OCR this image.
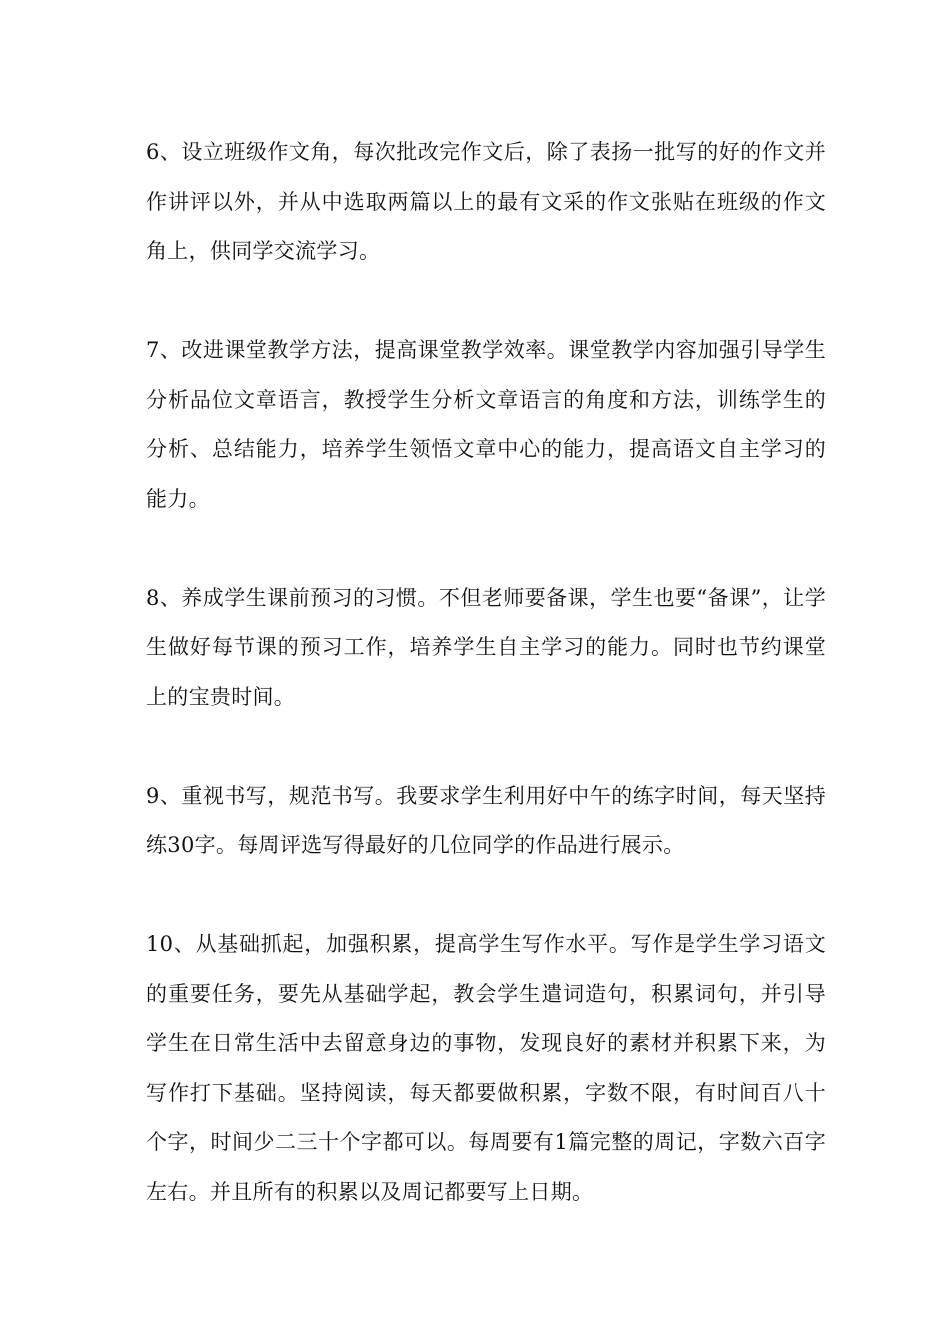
6、设立班级作文角，每次批改完作文后，除了表扬一批写的好的作文并作讲评以外，并从中选取两篇以上的最有文采的作文张贴在班级的作文角上，供同学交流学习。

7、改进课堂教学方法，提高课堂教学效率。课堂教学内容加强引导学生分析品位文章语言，教授学生分析文章语言的角度和方法，训练学生的分析、总结能力，培养学生领悟文章中心的能力，提高语文自主学习的能力。

8、养成学生课前预习的习惯。不但老师要备课，学生也要“备课”，让学生做好每节课的预习工作，培养学生自主学习的能力。同时也节约课堂上的宝贵时间。

9、重视书写，规范书写。我要求学生利用好中午的练字时间，每天坚持练30字。每周评选写得最好的几位同学的作品进行展示。

10、从基础抓起，加强积累，提高学生写作水平。写作是学生学习语文的重要任务，要先从基础学起，教会学生遣词造句，积累词句，并引导学生在日常生活中去留意身边的事物，发现良好的素材并积累下来，为写作打下基础。坚持阅读，每天都要做积累，字数不限，有时间百八十个字，时间少二三十个字都可以。每周要有1篇完整的周记，字数六百字左右。并且所有的积累以及周记都要写上日期。
